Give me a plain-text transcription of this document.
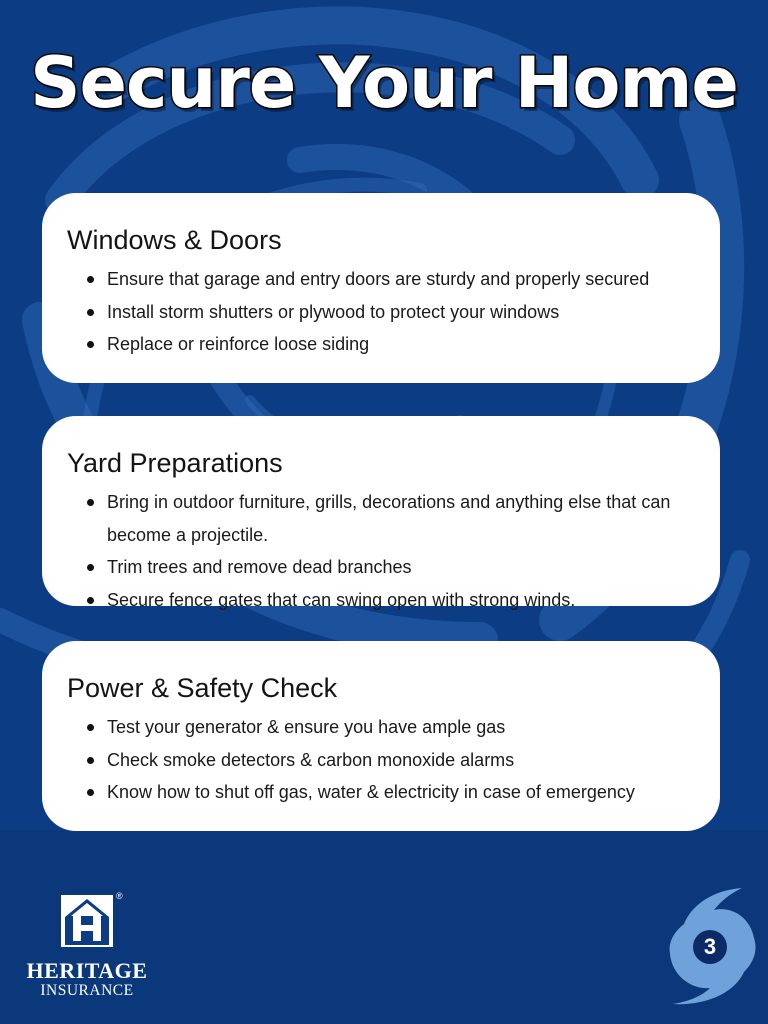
Secure Your Home
Windows & Doors
Ensure that garage and entry doors are sturdy and properly secured
Install storm shutters or plywood to protect your windows
Replace or reinforce loose siding
Yard Preparations
Bring in outdoor furniture, grills, decorations and anything else that can become a projectile.
Trim trees and remove dead branches
Secure fence gates that can swing open with strong winds.
Power & Safety Check
Test your generator & ensure you have ample gas
Check smoke detectors & carbon monoxide alarms
Know how to shut off gas, water & electricity in case of emergency
®
HERITAGE
INSURANCE
3
